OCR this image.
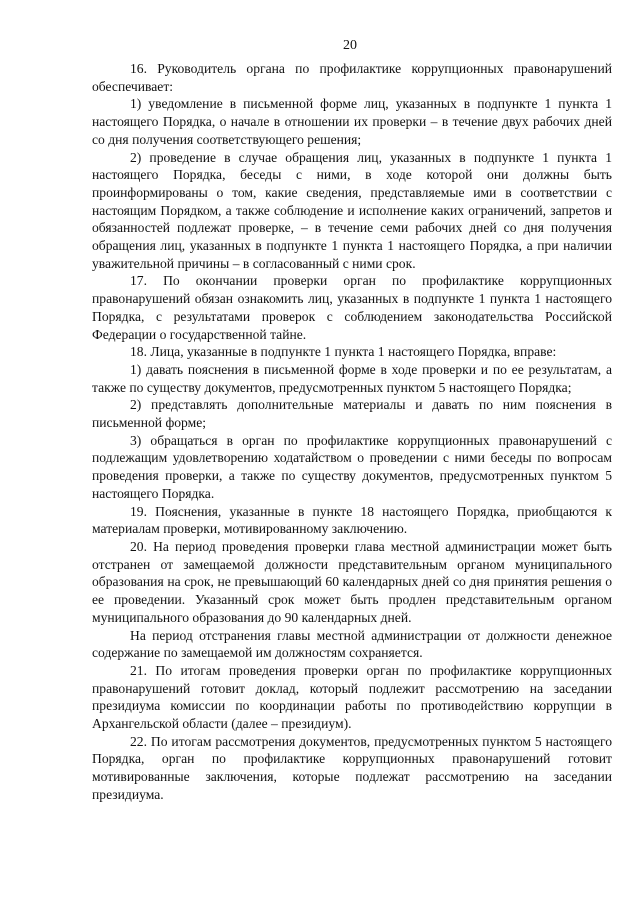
20

16. Руководитель органа по профилактике коррупционных правонарушений обеспечивает:

1) уведомление в письменной форме лиц, указанных в подпункте 1 пункта 1 настоящего Порядка, о начале в отношении их проверки – в течение двух рабочих дней со дня получения соответствующего решения;

2) проведение в случае обращения лиц, указанных в подпункте 1 пункта 1 настоящего Порядка, беседы с ними, в ходе которой они должны быть проинформированы о том, какие сведения, представляемые ими в соответствии с настоящим Порядком, а также соблюдение и исполнение каких ограничений, запретов и обязанностей подлежат проверке, – в течение семи рабочих дней со дня получения обращения лиц, указанных в подпункте 1 пункта 1 настоящего Порядка, а при наличии уважительной причины – в согласованный с ними срок.

17. По окончании проверки орган по профилактике коррупционных правонарушений обязан ознакомить лиц, указанных в подпункте 1 пункта 1 настоящего Порядка, с результатами проверок с соблюдением законодательства Российской Федерации о государственной тайне.

18. Лица, указанные в подпункте 1 пункта 1 настоящего Порядка, вправе:

1) давать пояснения в письменной форме в ходе проверки и по ее результатам, а также по существу документов, предусмотренных пунктом 5 настоящего Порядка;

2) представлять дополнительные материалы и давать по ним пояснения в письменной форме;

3) обращаться в орган по профилактике коррупционных правонарушений с подлежащим удовлетворению ходатайством о проведении с ними беседы по вопросам проведения проверки, а также по существу документов, предусмотренных пунктом 5 настоящего Порядка.

19. Пояснения, указанные в пункте 18 настоящего Порядка, приобщаются к материалам проверки, мотивированному заключению.

20. На период проведения проверки глава местной администрации может быть отстранен от замещаемой должности представительным органом муниципального образования на срок, не превышающий 60 календарных дней со дня принятия решения о ее проведении. Указанный срок может быть продлен представительным органом муниципального образования до 90 календарных дней.

На период отстранения главы местной администрации от должности денежное содержание по замещаемой им должностям сохраняется.

21. По итогам проведения проверки орган по профилактике коррупционных правонарушений готовит доклад, который подлежит рассмотрению на заседании президиума комиссии по координации работы по противодействию коррупции в Архангельской области (далее – президиум).

22. По итогам рассмотрения документов, предусмотренных пунктом 5 настоящего Порядка, орган по профилактике коррупционных правонарушений готовит мотивированные заключения, которые подлежат рассмотрению на заседании президиума.
